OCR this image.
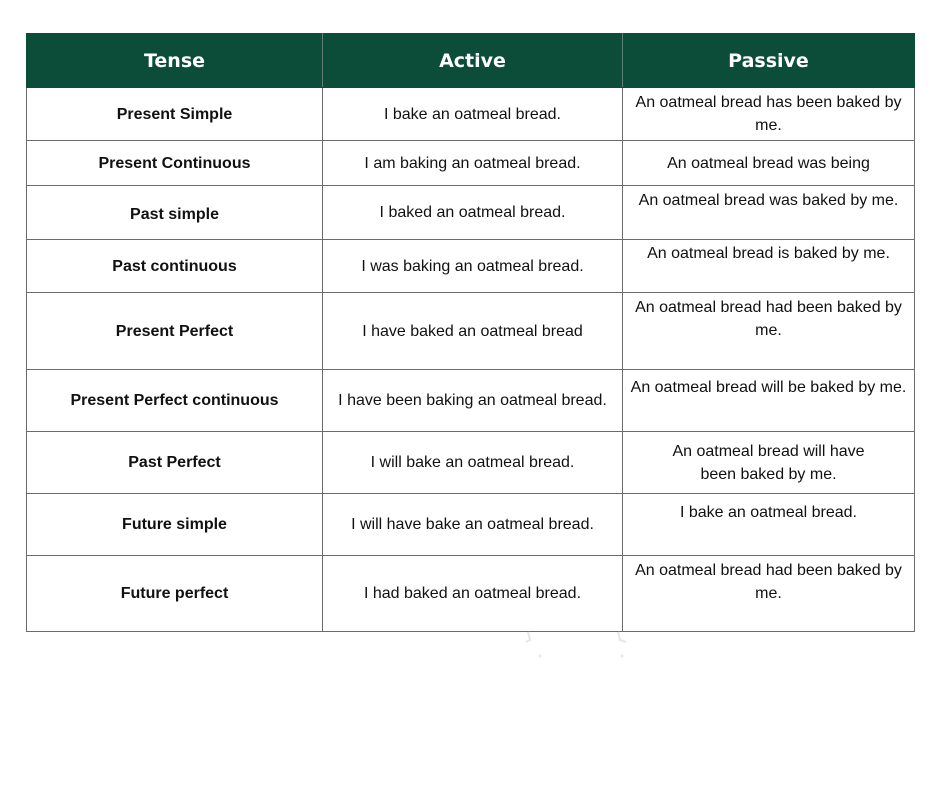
Tense	Active	Passive
Present Simple	I bake an oatmeal bread.	An oatmeal bread has been baked by me.
Present Continuous	I am baking an oatmeal bread.	An oatmeal bread was being
Past simple	I baked an oatmeal bread.	An oatmeal bread was baked by me.
Past continuous	I was baking an oatmeal bread.	An oatmeal bread is baked by me.
Present Perfect	I have baked an oatmeal bread	An oatmeal bread had been baked by me.
Present Perfect continuous	I have been baking an oatmeal bread.	An oatmeal bread will be baked by me.
Past Perfect	I will bake an oatmeal bread.	An oatmeal bread will have been baked by me.
Future simple	I will have bake an oatmeal bread.	I bake an oatmeal bread.
Future perfect	I had baked an oatmeal bread.	An oatmeal bread had been baked by me.
